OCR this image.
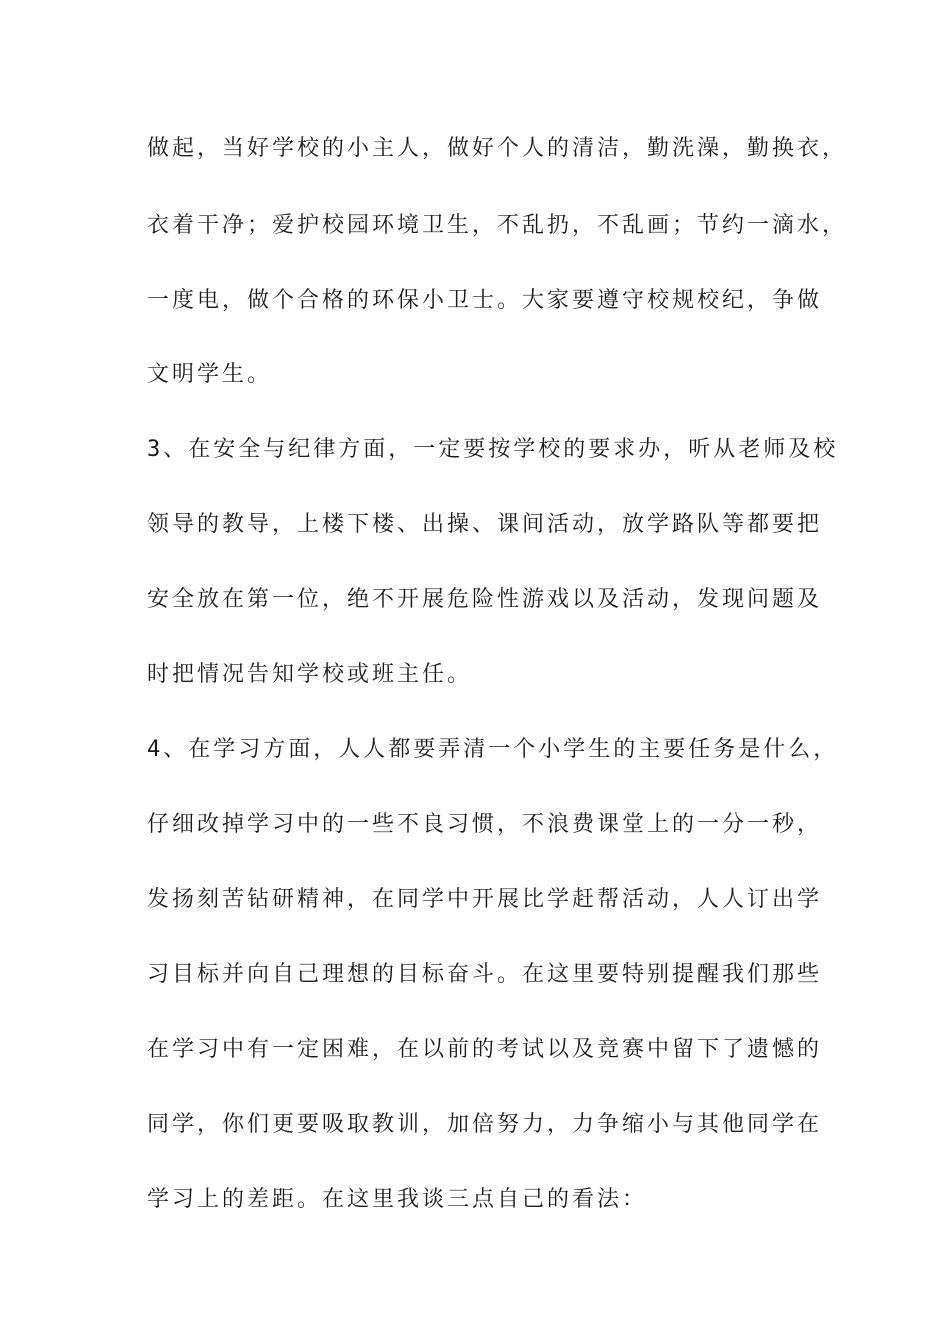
做起，当好学校的小主人，做好个人的清洁，勤洗澡，勤换衣，
衣着干净；爱护校园环境卫生，不乱扔，不乱画；节约一滴水，
一度电，做个合格的环保小卫士。大家要遵守校规校纪，争做
文明学生。
3、在安全与纪律方面，一定要按学校的要求办，听从老师及校
领导的教导，上楼下楼、出操、课间活动，放学路队等都要把
安全放在第一位，绝不开展危险性游戏以及活动，发现问题及
时把情况告知学校或班主任。
4、在学习方面，人人都要弄清一个小学生的主要任务是什么，
仔细改掉学习中的一些不良习惯，不浪费课堂上的一分一秒，
发扬刻苦钻研精神，在同学中开展比学赶帮活动，人人订出学
习目标并向自己理想的目标奋斗。在这里要特别提醒我们那些
在学习中有一定困难，在以前的考试以及竞赛中留下了遗憾的
同学，你们更要吸取教训，加倍努力，力争缩小与其他同学在
学习上的差距。在这里我谈三点自己的看法：
